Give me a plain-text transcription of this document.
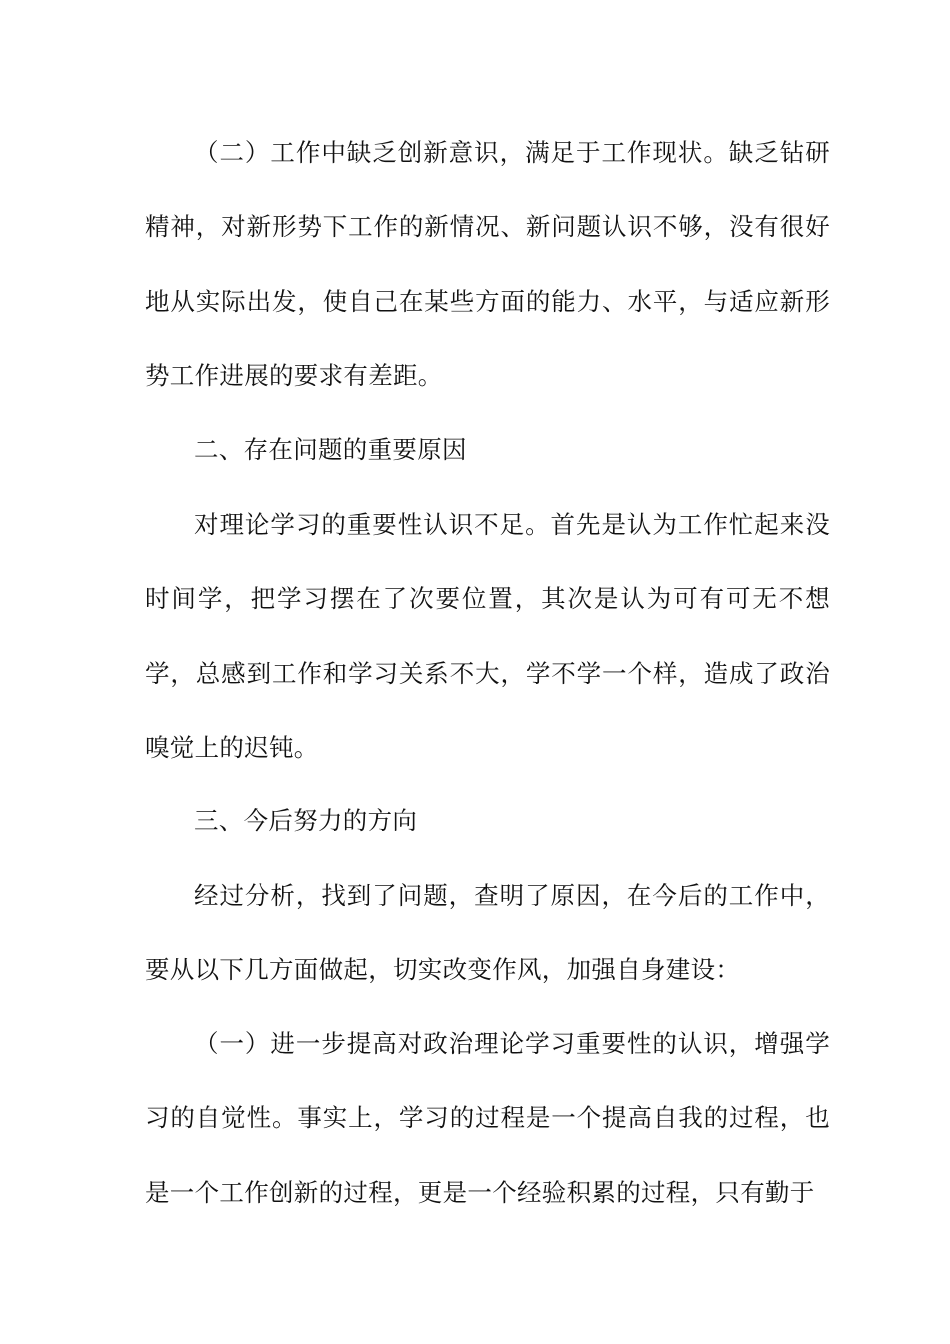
（二）工作中缺乏创新意识，满足于工作现状。缺乏钻研精神，对新形势下工作的新情况、新问题认识不够，没有很好地从实际出发，使自己在某些方面的能力、水平，与适应新形势工作进展的要求有差距。

二、存在问题的重要原因

对理论学习的重要性认识不足。首先是认为工作忙起来没时间学，把学习摆在了次要位置，其次是认为可有可无不想学，总感到工作和学习关系不大，学不学一个样，造成了政治嗅觉上的迟钝。

三、今后努力的方向

经过分析，找到了问题，查明了原因，在今后的工作中，要从以下几方面做起，切实改变作风，加强自身建设：

（一）进一步提高对政治理论学习重要性的认识，增强学习的自觉性。事实上，学习的过程是一个提高自我的过程，也是一个工作创新的过程，更是一个经验积累的过程，只有勤于
